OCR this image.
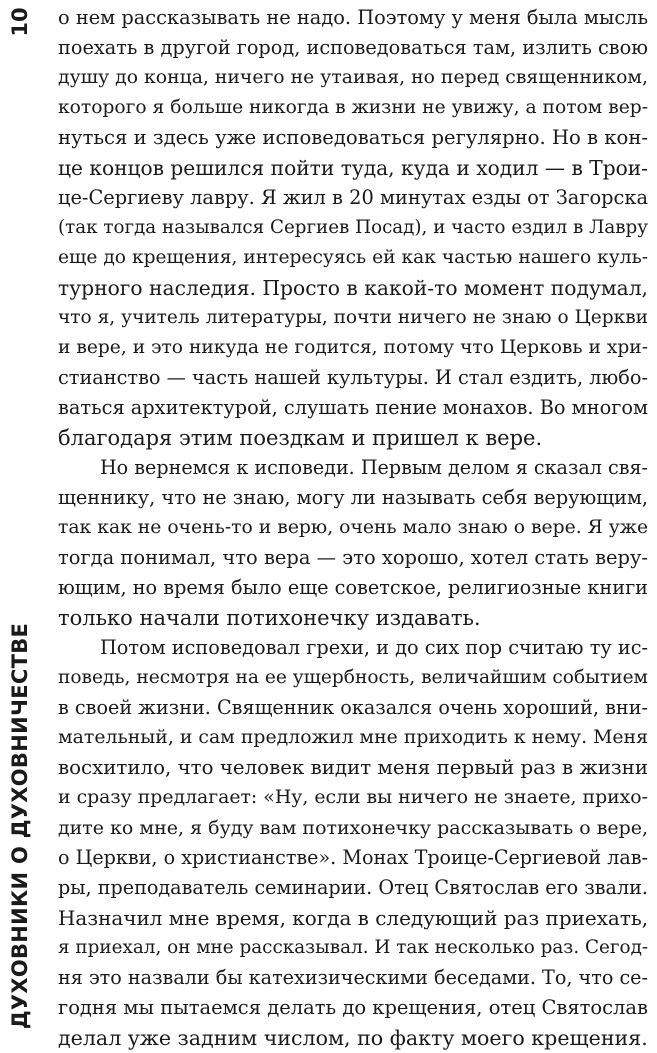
10
ДУХОВНИКИ О ДУХОВНИЧЕСТВЕ
о нем рассказывать не надо. Поэтому у меня была мысль
поехать в другой город, исповедоваться там, излить свою
душу до конца, ничего не утаивая, но перед священником,
которого я больше никогда в жизни не увижу, а потом вер-
нуться и здесь уже исповедоваться регулярно. Но в кон-
це концов решился пойти туда, куда и ходил — в Трои-
це-Сергиеву лавру. Я жил в 20 минутах езды от Загорска
(так тогда назывался Сергиев Посад), и часто ездил в Лавру
еще до крещения, интересуясь ей как частью нашего куль-
турного наследия. Просто в какой-то момент подумал,
что я, учитель литературы, почти ничего не знаю о Церкви
и вере, и это никуда не годится, потому что Церковь и хри-
стианство — часть нашей культуры. И стал ездить, любо-
ваться архитектурой, слушать пение монахов. Во многом
благодаря этим поездкам и пришел к вере.
Но вернемся к исповеди. Первым делом я сказал свя-
щеннику, что не знаю, могу ли называть себя верующим,
так как не очень-то и верю, очень мало знаю о вере. Я уже
тогда понимал, что вера — это хорошо, хотел стать веру-
ющим, но время было еще советское, религиозные книги
только начали потихонечку издавать.
Потом исповедовал грехи, и до сих пор считаю ту ис-
поведь, несмотря на ее ущербность, величайшим событием
в своей жизни. Священник оказался очень хороший, вни-
мательный, и сам предложил мне приходить к нему. Меня
восхитило, что человек видит меня первый раз в жизни
и сразу предлагает: «Ну, если вы ничего не знаете, прихо-
дите ко мне, я буду вам потихонечку рассказывать о вере,
о Церкви, о христианстве». Монах Троице-Сергиевой лав-
ры, преподаватель семинарии. Отец Святослав его звали.
Назначил мне время, когда в следующий раз приехать,
я приехал, он мне рассказывал. И так несколько раз. Сегод-
ня это назвали бы катехизическими беседами. То, что се-
годня мы пытаемся делать до крещения, отец Святослав
делал уже задним числом, по факту моего крещения.
